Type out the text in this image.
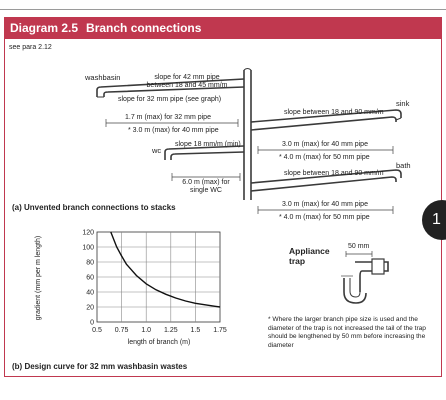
Diagram 2.5 Branch connections
see para 2.12
1
washbasin	slope for 42 mm pipe
between 18 and 45 mm/m
slope for 32 mm pipe (see graph)
1.7 m (max) for 32 mm pipe
* 3.0 m (max) for 40 mm pipe
sink
slope between 18 and 90 mm/m
3.0 m (max) for 40 mm pipe
* 4.0 m (max) for 50 mm pipe
wc
slope 18 mm/m (min)
6.0 m (max) for
single WC
bath
slope between 18 and 90 mm/m
3.0 m (max) for 40 mm pipe
* 4.0 m (max) for 50 mm pipe
(a) Unvented branch connections to stacks
Appliance
trap
50 mm
* Where the larger branch pipe size is used and the diameter of the trap is not increased the tail of the trap should be lengthened by 50 mm before increasing the diameter
0.5 0.75 1.0 1.25 1.5 1.75
0
20
40
60
80
100
120
gradient (mm per m length)
length of branch (m)
(b) Design curve for 32 mm washbasin wastes
